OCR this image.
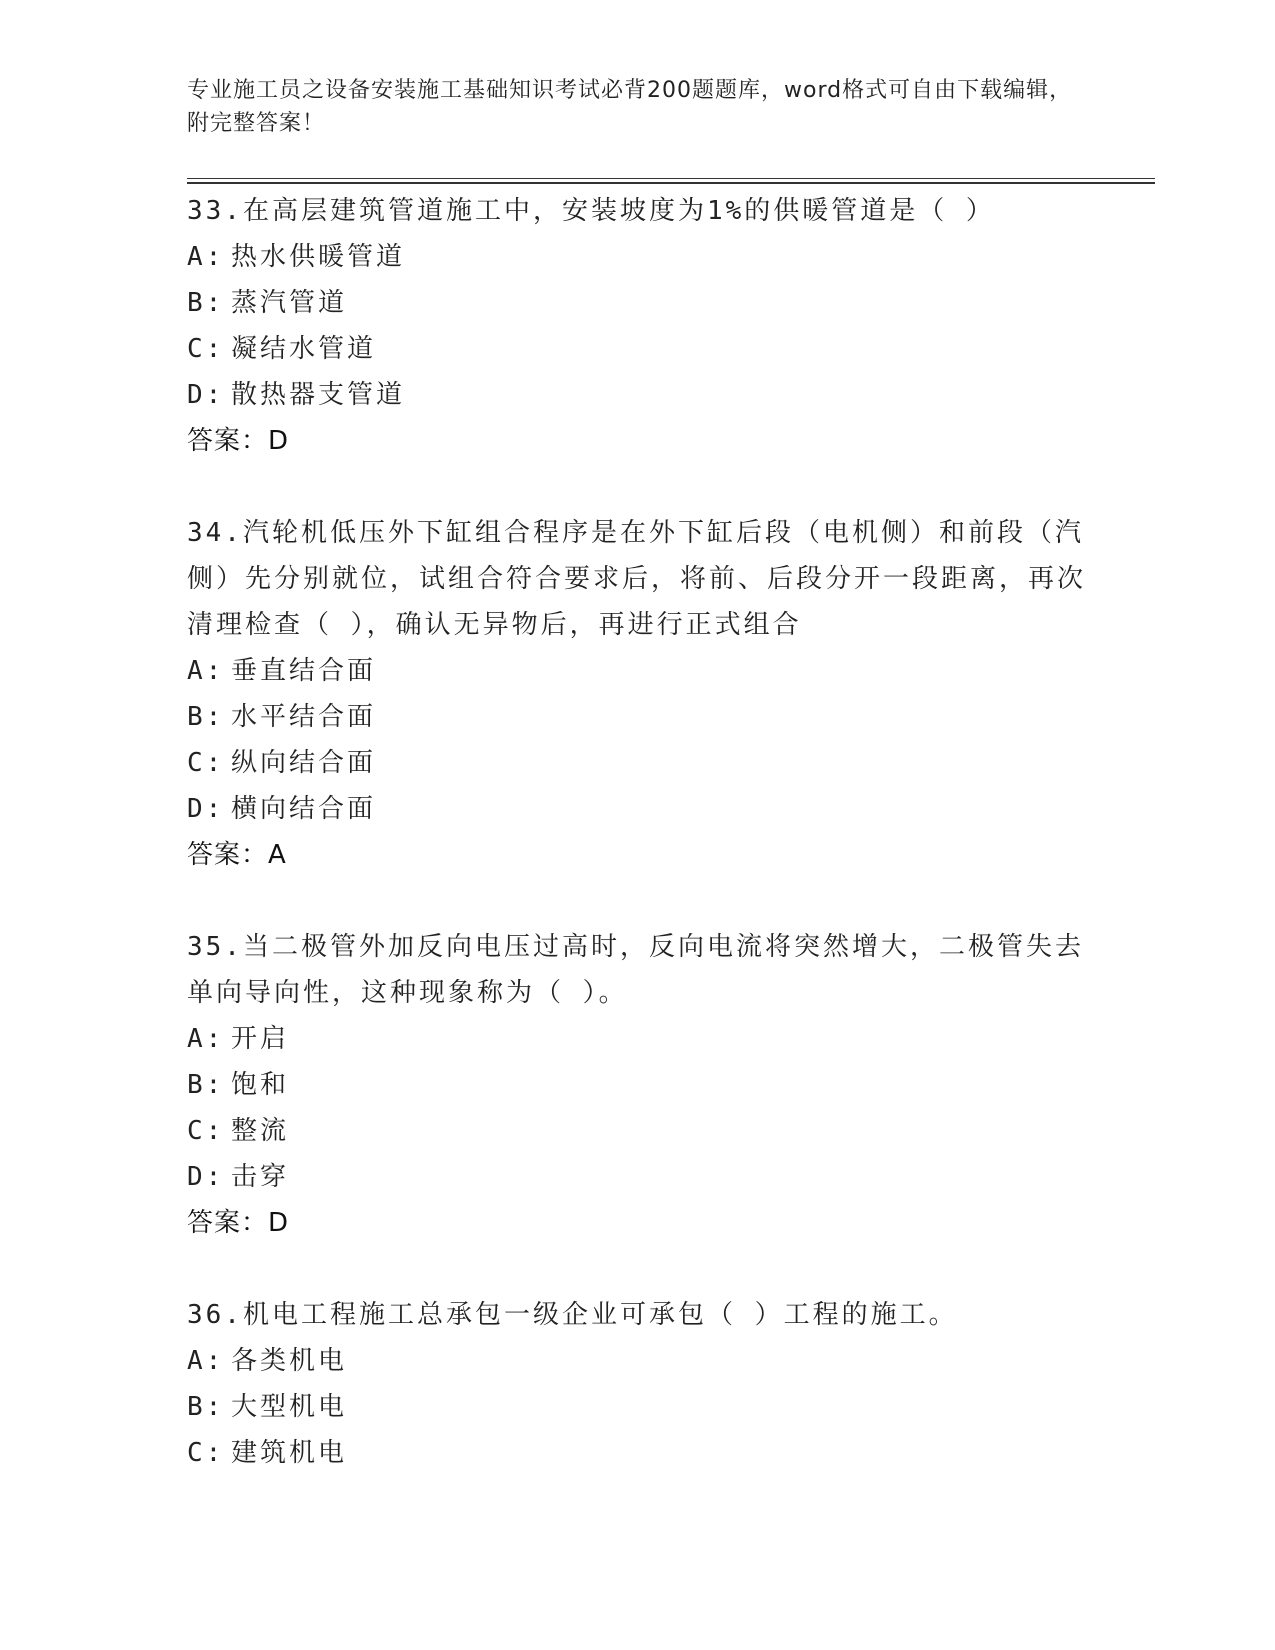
专业施工员之设备安装施工基础知识考试必背200题题库，word格式可自由下载编辑，附完整答案！
33.在高层建筑管道施工中，安装坡度为1%的供暖管道是（ ）
A: 热水供暖管道
B: 蒸汽管道
C: 凝结水管道
D: 散热器支管道
答案：D
34.汽轮机低压外下缸组合程序是在外下缸后段（电机侧）和前段（汽侧）先分别就位，试组合符合要求后，将前、后段分开一段距离，再次清理检查（ ），确认无异物后，再进行正式组合
A: 垂直结合面
B: 水平结合面
C: 纵向结合面
D: 横向结合面
答案：A
35.当二极管外加反向电压过高时，反向电流将突然增大，二极管失去单向导向性，这种现象称为（ ）。
A: 开启
B: 饱和
C: 整流
D: 击穿
答案：D
36.机电工程施工总承包一级企业可承包（ ）工程的施工。
A: 各类机电
B: 大型机电
C: 建筑机电
